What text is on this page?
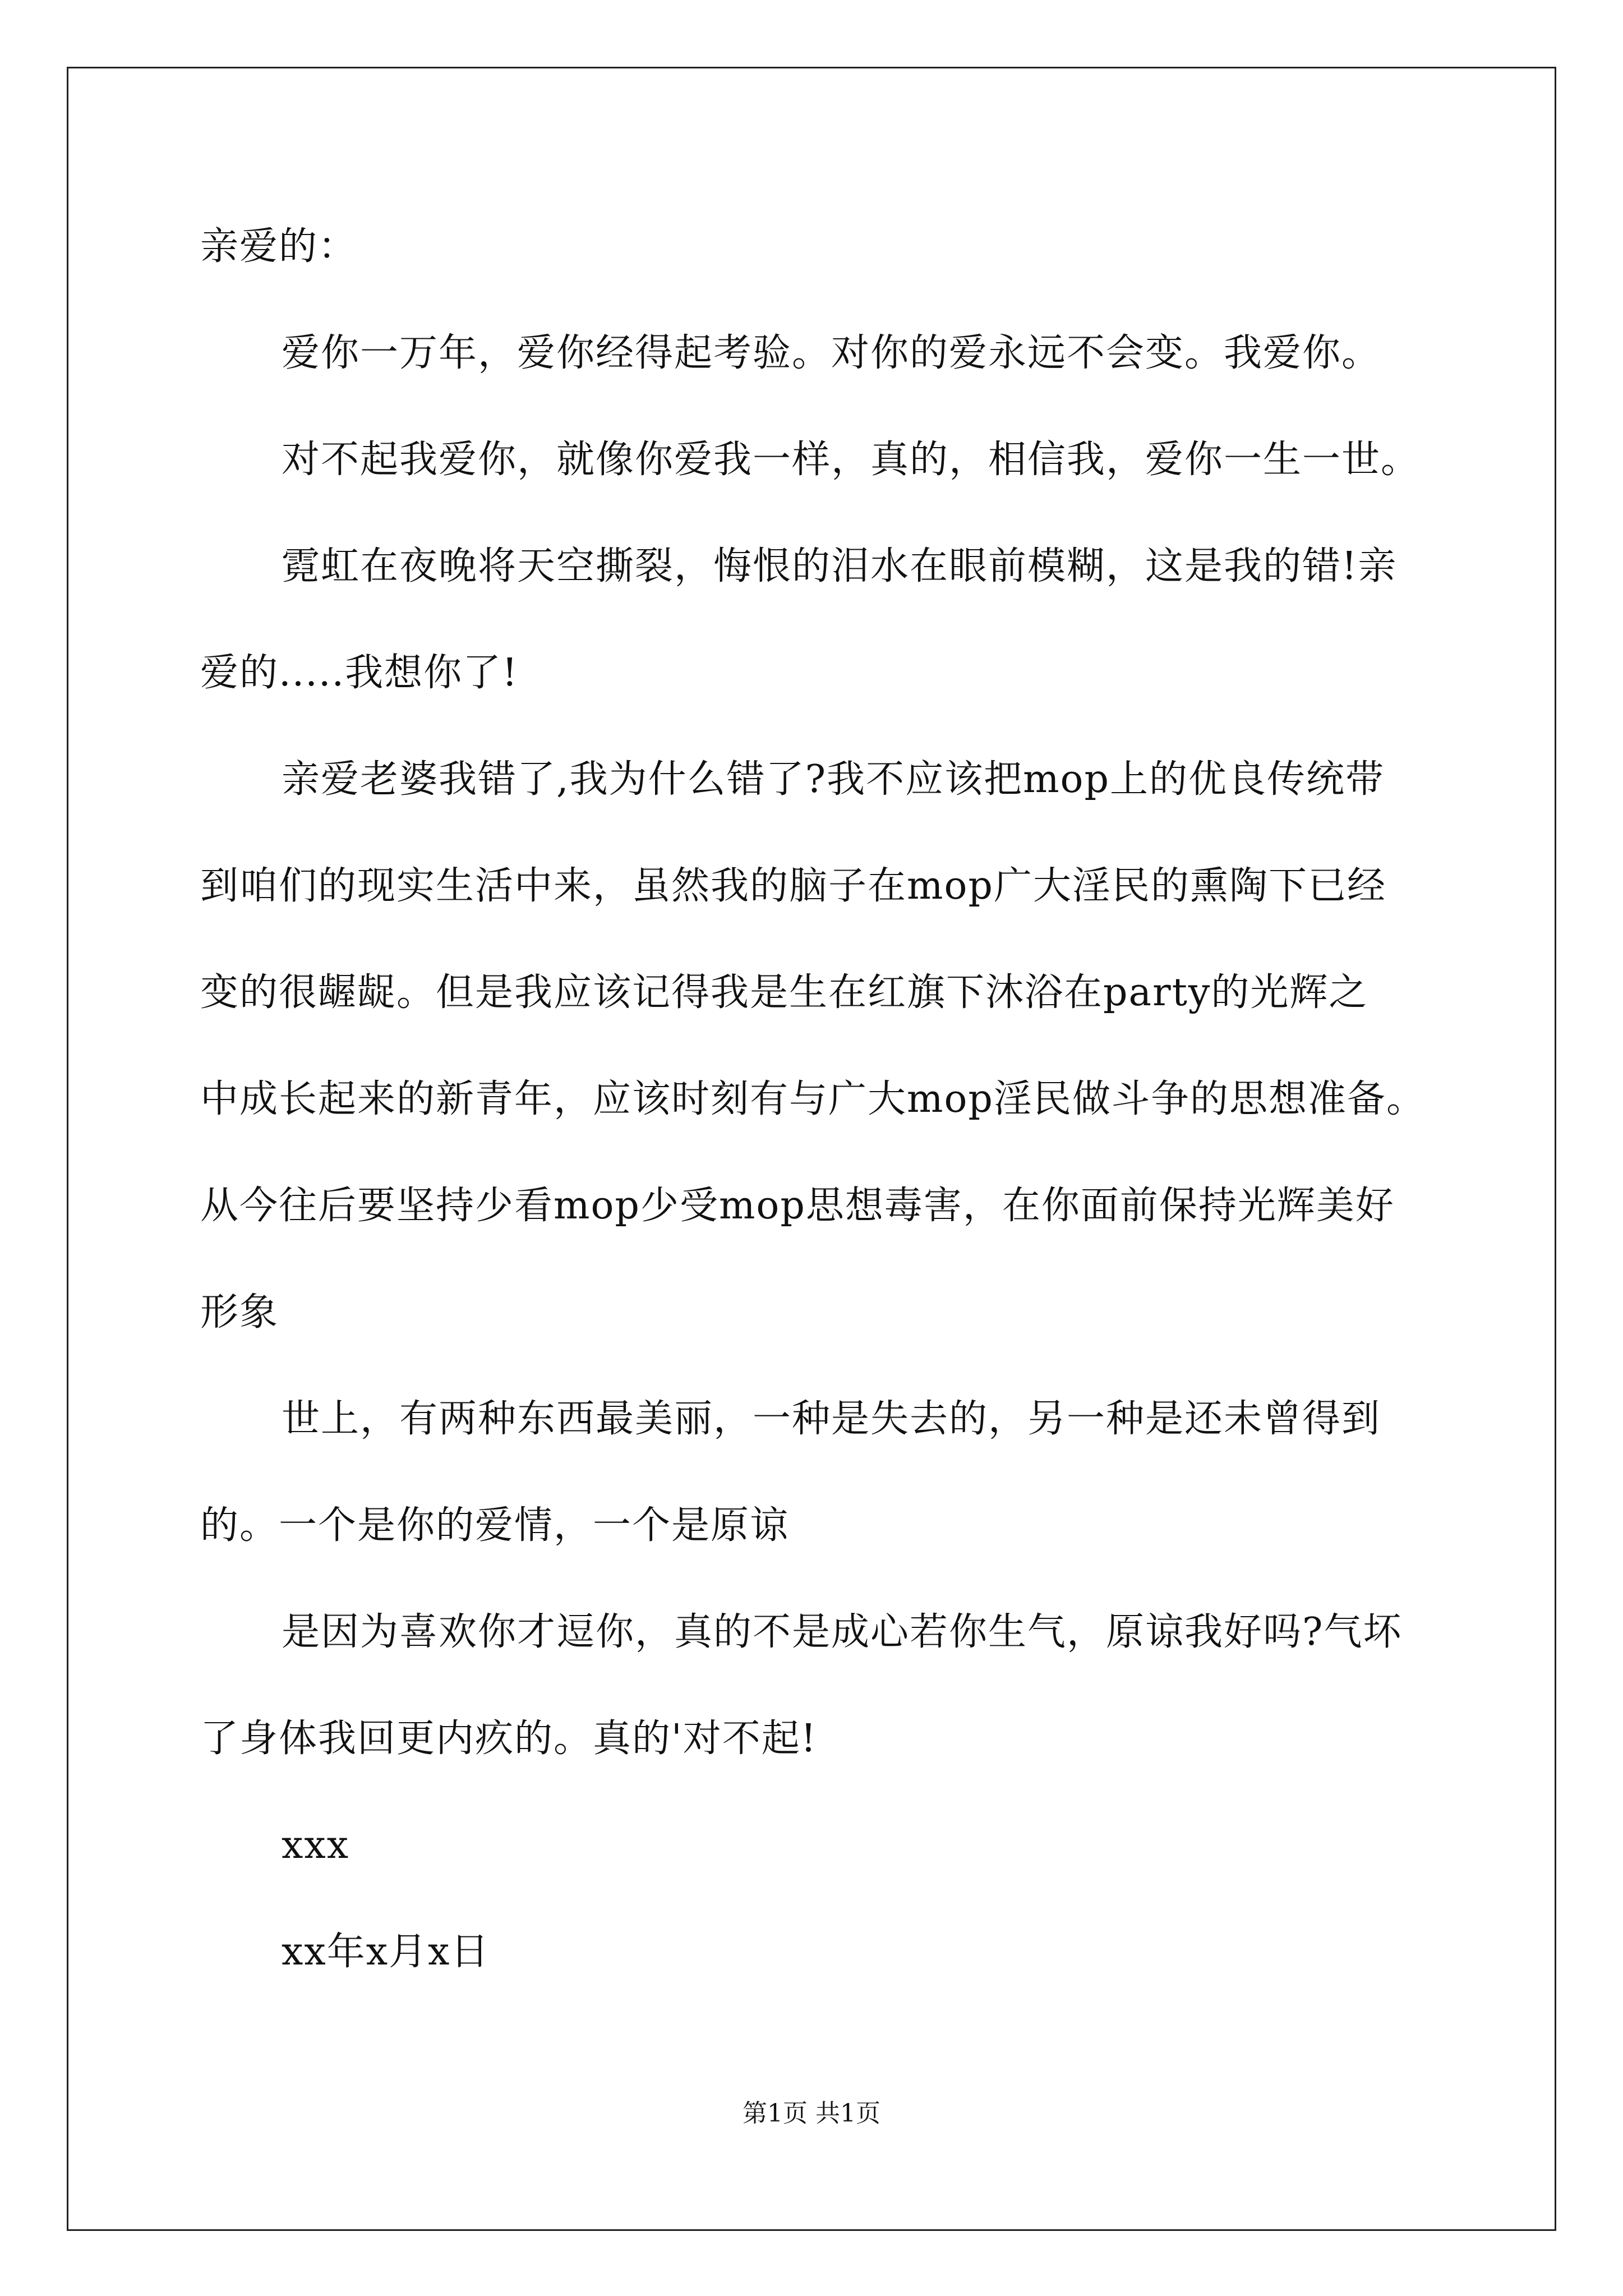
亲爱的：
爱你一万年，爱你经得起考验。对你的爱永远不会变。我爱你。
对不起我爱你，就像你爱我一样，真的，相信我，爱你一生一世。
霓虹在夜晚将天空撕裂，悔恨的泪水在眼前模糊，这是我的错!亲
爱的.....我想你了!
亲爱老婆我错了,我为什么错了?我不应该把mop上的优良传统带
到咱们的现实生活中来，虽然我的脑子在mop广大淫民的熏陶下已经
变的很龌龊。但是我应该记得我是生在红旗下沐浴在party的光辉之
中成长起来的新青年，应该时刻有与广大mop淫民做斗争的思想准备。
从今往后要坚持少看mop少受mop思想毒害，在你面前保持光辉美好
形象
世上，有两种东西最美丽，一种是失去的，另一种是还未曾得到
的。一个是你的爱情，一个是原谅
是因为喜欢你才逗你，真的不是成心若你生气，原谅我好吗?气坏
了身体我回更内疚的。真的'对不起!
xxx
xx年x月x日
第1页 共1页
